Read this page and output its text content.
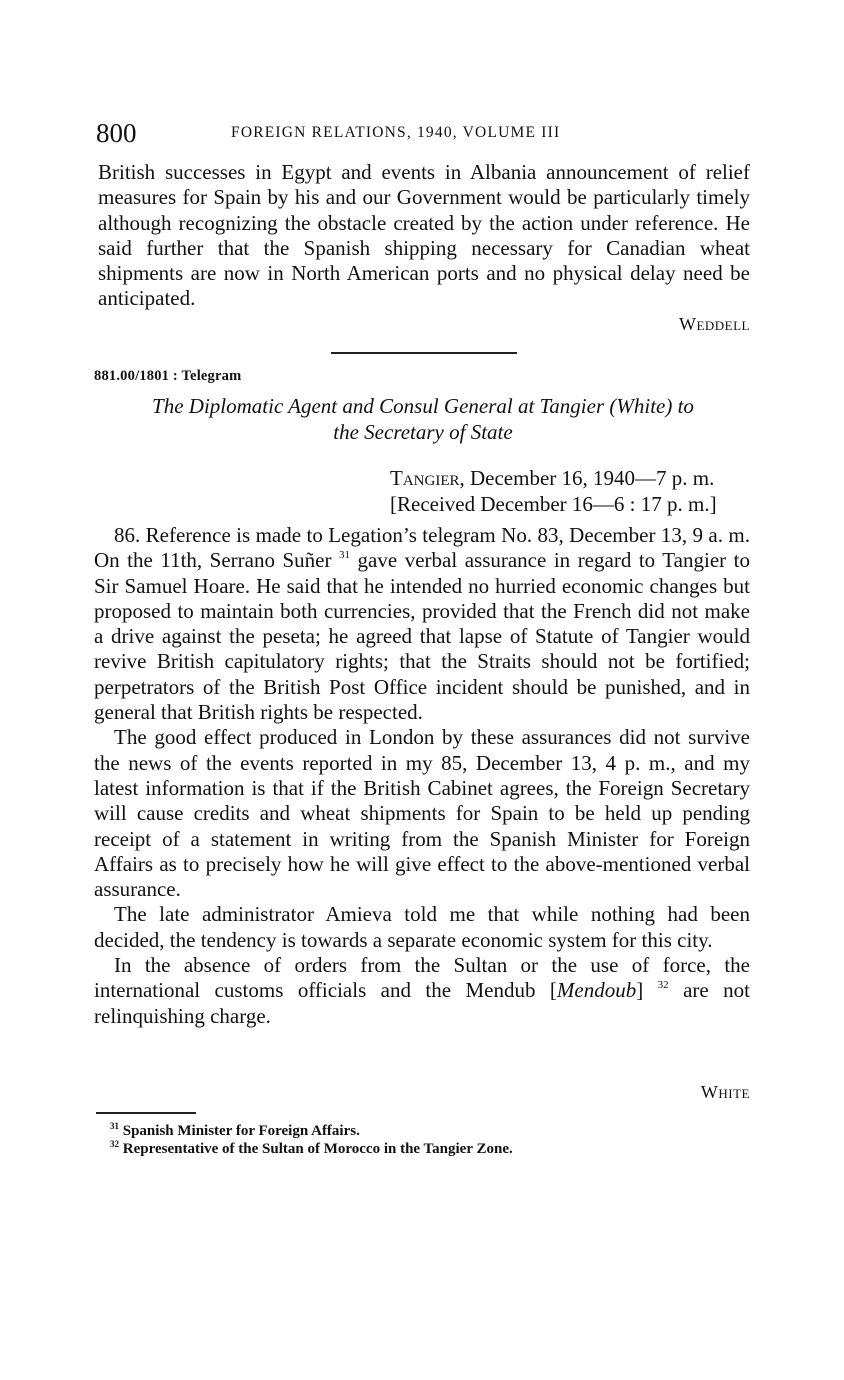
800	FOREIGN RELATIONS, 1940, VOLUME III

British successes in Egypt and events in Albania announcement of relief measures for Spain by his and our Government would be particularly timely although recognizing the obstacle created by the action under reference. He said further that the Spanish shipping necessary for Canadian wheat shipments are now in North American ports and no physical delay need be anticipated.

Weddell
881.00/1801 : Telegram

The Diplomatic Agent and Consul General at Tangier (White) to
the Secretary of State

Tangier, December 16, 1940—7 p. m.
[Received December 16—6 : 17 p. m.]

86. Reference is made to Legation’s telegram No. 83, December 13, 9 a. m. On the 11th, Serrano Suñer $^{31}$ gave verbal assurance in regard to Tangier to Sir Samuel Hoare. He said that he intended no hurried economic changes but proposed to maintain both currencies, provided that the French did not make a drive against the peseta; he agreed that lapse of Statute of Tangier would revive British capitulatory rights; that the Straits should not be fortified; perpetrators of the British Post Office incident should be punished, and in general that British rights be respected.

The good effect produced in London by these assurances did not survive the news of the events reported in my 85, December 13, 4 p. m., and my latest information is that if the British Cabinet agrees, the Foreign Secretary will cause credits and wheat shipments for Spain to be held up pending receipt of a statement in writing from the Spanish Minister for Foreign Affairs as to precisely how he will give effect to the above-mentioned verbal assurance.

The late administrator Amieva told me that while nothing had been decided, the tendency is towards a separate economic system for this city.

In the absence of orders from the Sultan or the use of force, the international customs officials and the Mendub [Mendoub] $^{32}$ are not relinquishing charge.

White
$^{31}$ Spanish Minister for Foreign Affairs.
$^{32}$ Representative of the Sultan of Morocco in the Tangier Zone.
